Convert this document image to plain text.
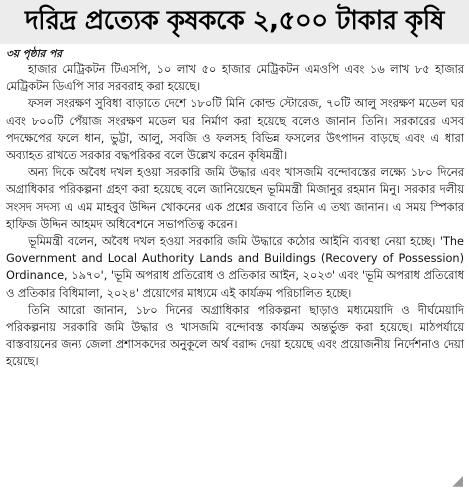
দরিদ্র প্রত্যেক কৃষককে ২,৫০০ টাকার কৃষি
৩য় পৃষ্ঠার পর

হাজার মেট্রিকটন টিএসপি, ১০ লাখ ৫০ হাজার মেট্রিকটন এমওপি এবং ১৬ লাখ ৮৫ হাজার মেট্রিকটন ডিএপি সার সরবরাহ করা হয়েছে।

ফসল সংরক্ষণ সুবিধা বাড়াতে দেশে ১৮০টি মিনি কোল্ড স্টোরেজ, ৭০টি আলু সংরক্ষণ মডেল ঘর এবং ৮০০টি পেঁয়াজ সংরক্ষণ মডেল ঘর নির্মাণ করা হয়েছে বলেও জানান তিনি। সরকারের এসব পদক্ষেপের ফলে ধান, ভুট্টা, আলু, সবজি ও ফলসহ বিভিন্ন ফসলের উৎপাদন বাড়ছে এবং এ ধারা অব্যাহত রাখতে সরকার বদ্ধপরিকর বলে উল্লেখ করেন কৃষিমন্ত্রী।

অন্য দিকে অবৈধ দখল হওয়া সরকারি জমি উদ্ধার এবং খাসজমি বন্দোবস্তের লক্ষ্যে ১৮০ দিনের অগ্রাধিকার পরিকল্পনা গ্রহণ করা হয়েছে বলে জানিয়েছেন ভূমিমন্ত্রী মিজানুর রহমান মিনু। সরকার দলীয় সংসদ সদস্য এ এম মাহবুব উদ্দিন খোকনের এক প্রশ্নের জবাবে তিনি এ তথ্য জানান। এ সময় স্পিকার হাফিজ উদ্দিন আহমদ অধিবেশনে সভাপতিত্ব করেন।

ভূমিমন্ত্রী বলেন, অবৈধ দখল হওয়া সরকারি জমি উদ্ধারে কঠোর আইনি ব্যবস্থা নেয়া হচ্ছে। 'The Government and Local Authority Lands and Buildings (Recovery of Possession) Ordinance, ১৯৭০', 'ভূমি অপরাধ প্রতিরোধ ও প্রতিকার আইন, ২০২৩' এবং 'ভূমি অপরাধ প্রতিরোধ ও প্রতিকার বিধিমালা, ২০২৪' প্রয়োগের মাধ্যমে এই কার্যক্রম পরিচালিত হচ্ছে।

তিনি আরো জানান, ১৮০ দিনের অগ্রাধিকার পরিকল্পনা ছাড়াও মধ্যমেয়াদি ও দীর্ঘমেয়াদি পরিকল্পনায় সরকারি জমি উদ্ধার ও খাসজমি বন্দোবস্ত কার্যক্রম অন্তর্ভুক্ত করা হয়েছে। মাঠপর্যায়ে বাস্তবায়নের জন্য জেলা প্রশাসকদের অনুকূলে অর্থ বরাদ্দ দেয়া হয়েছে এবং প্রয়োজনীয় নির্দেশনাও দেয়া হয়েছে।

◢
